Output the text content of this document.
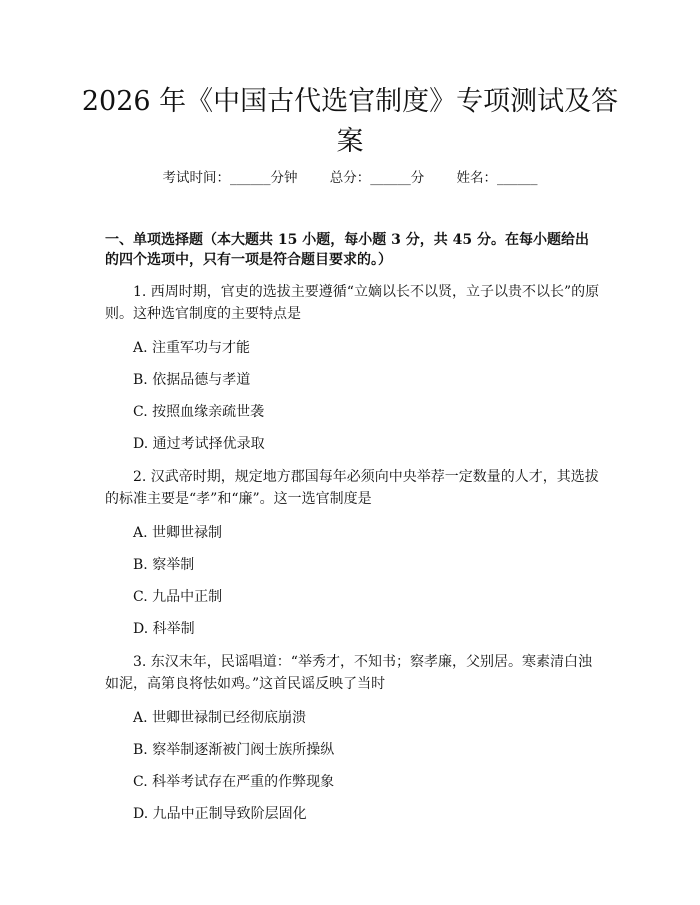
2026 年《中国古代选官制度》专项测试及答案
考试时间：______分钟 总分：______分 姓名：______
一、单项选择题（本大题共 15 小题，每小题 3 分，共 45 分。在每小题给出的四个选项中，只有一项是符合题目要求的。）

1. 西周时期，官吏的选拔主要遵循“立嫡以长不以贤，立子以贵不以长”的原则。这种选官制度的主要特点是

A. 注重军功与才能

B. 依据品德与孝道

C. 按照血缘亲疏世袭

D. 通过考试择优录取

2. 汉武帝时期，规定地方郡国每年必须向中央举荐一定数量的人才，其选拔的标准主要是“孝”和“廉”。这一选官制度是

A. 世卿世禄制

B. 察举制

C. 九品中正制

D. 科举制

3. 东汉末年，民谣唱道：“举秀才，不知书；察孝廉，父别居。寒素清白浊如泥，高第良将怯如鸡。”这首民谣反映了当时

A. 世卿世禄制已经彻底崩溃

B. 察举制逐渐被门阀士族所操纵

C. 科举考试存在严重的作弊现象

D. 九品中正制导致阶层固化
